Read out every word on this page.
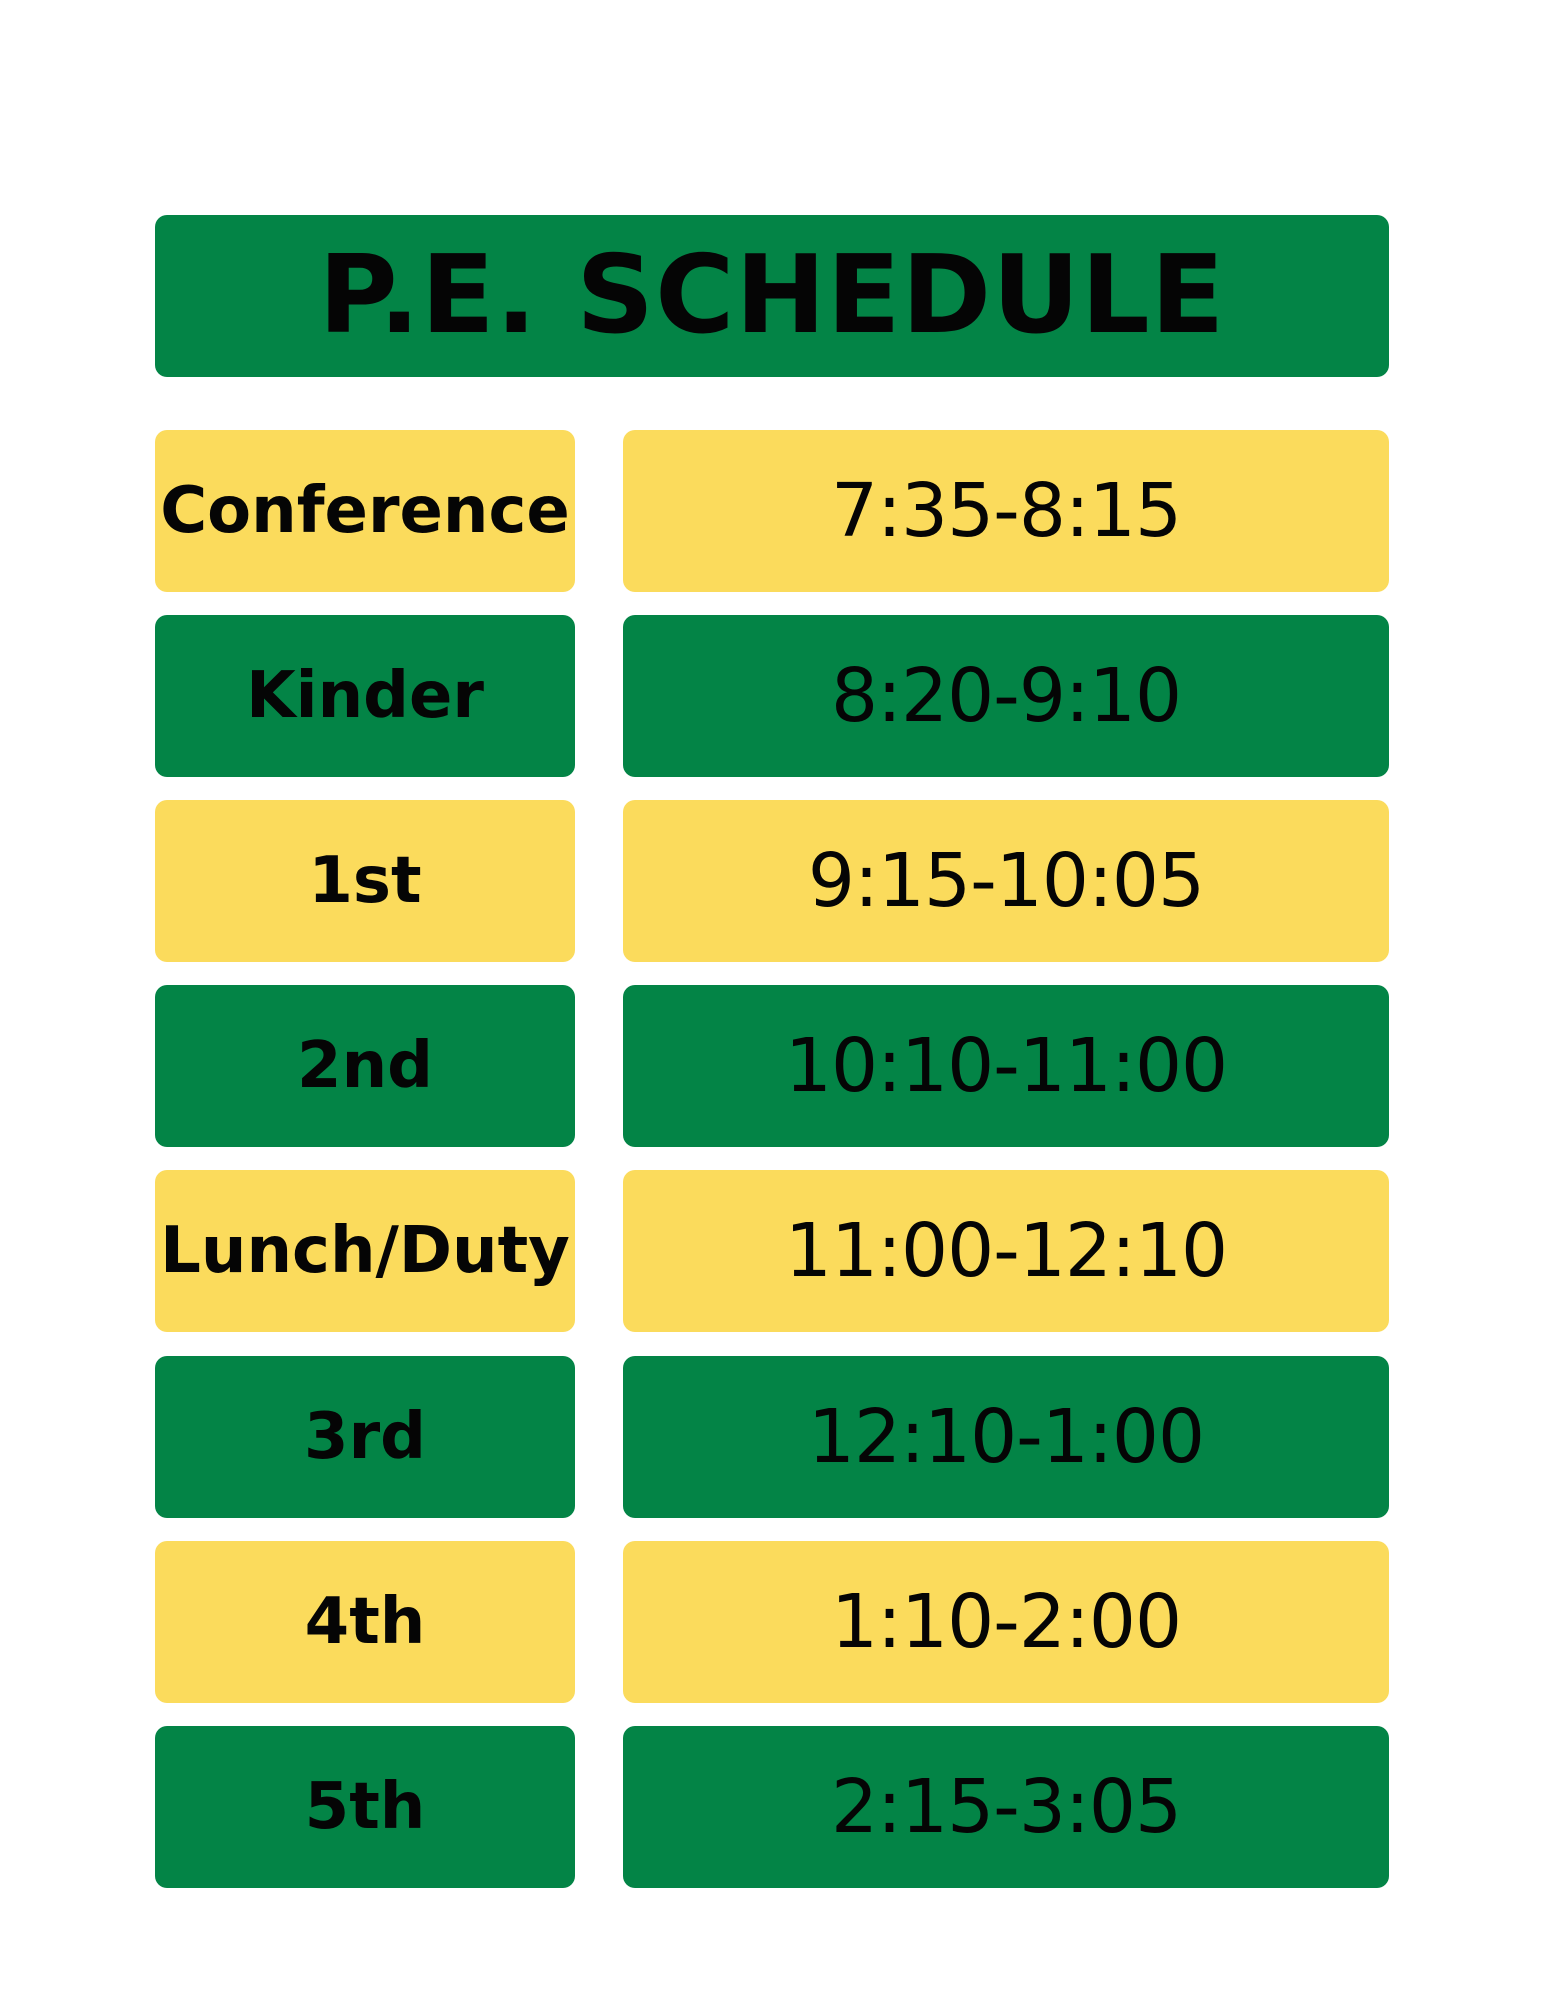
P.E. SCHEDULE
Conference	7:35-8:15
Kinder	8:20-9:10
1st	9:15-10:05
2nd	10:10-11:00
Lunch/Duty	11:00-12:10
3rd	12:10-1:00
4th	1:10-2:00
5th	2:15-3:05
